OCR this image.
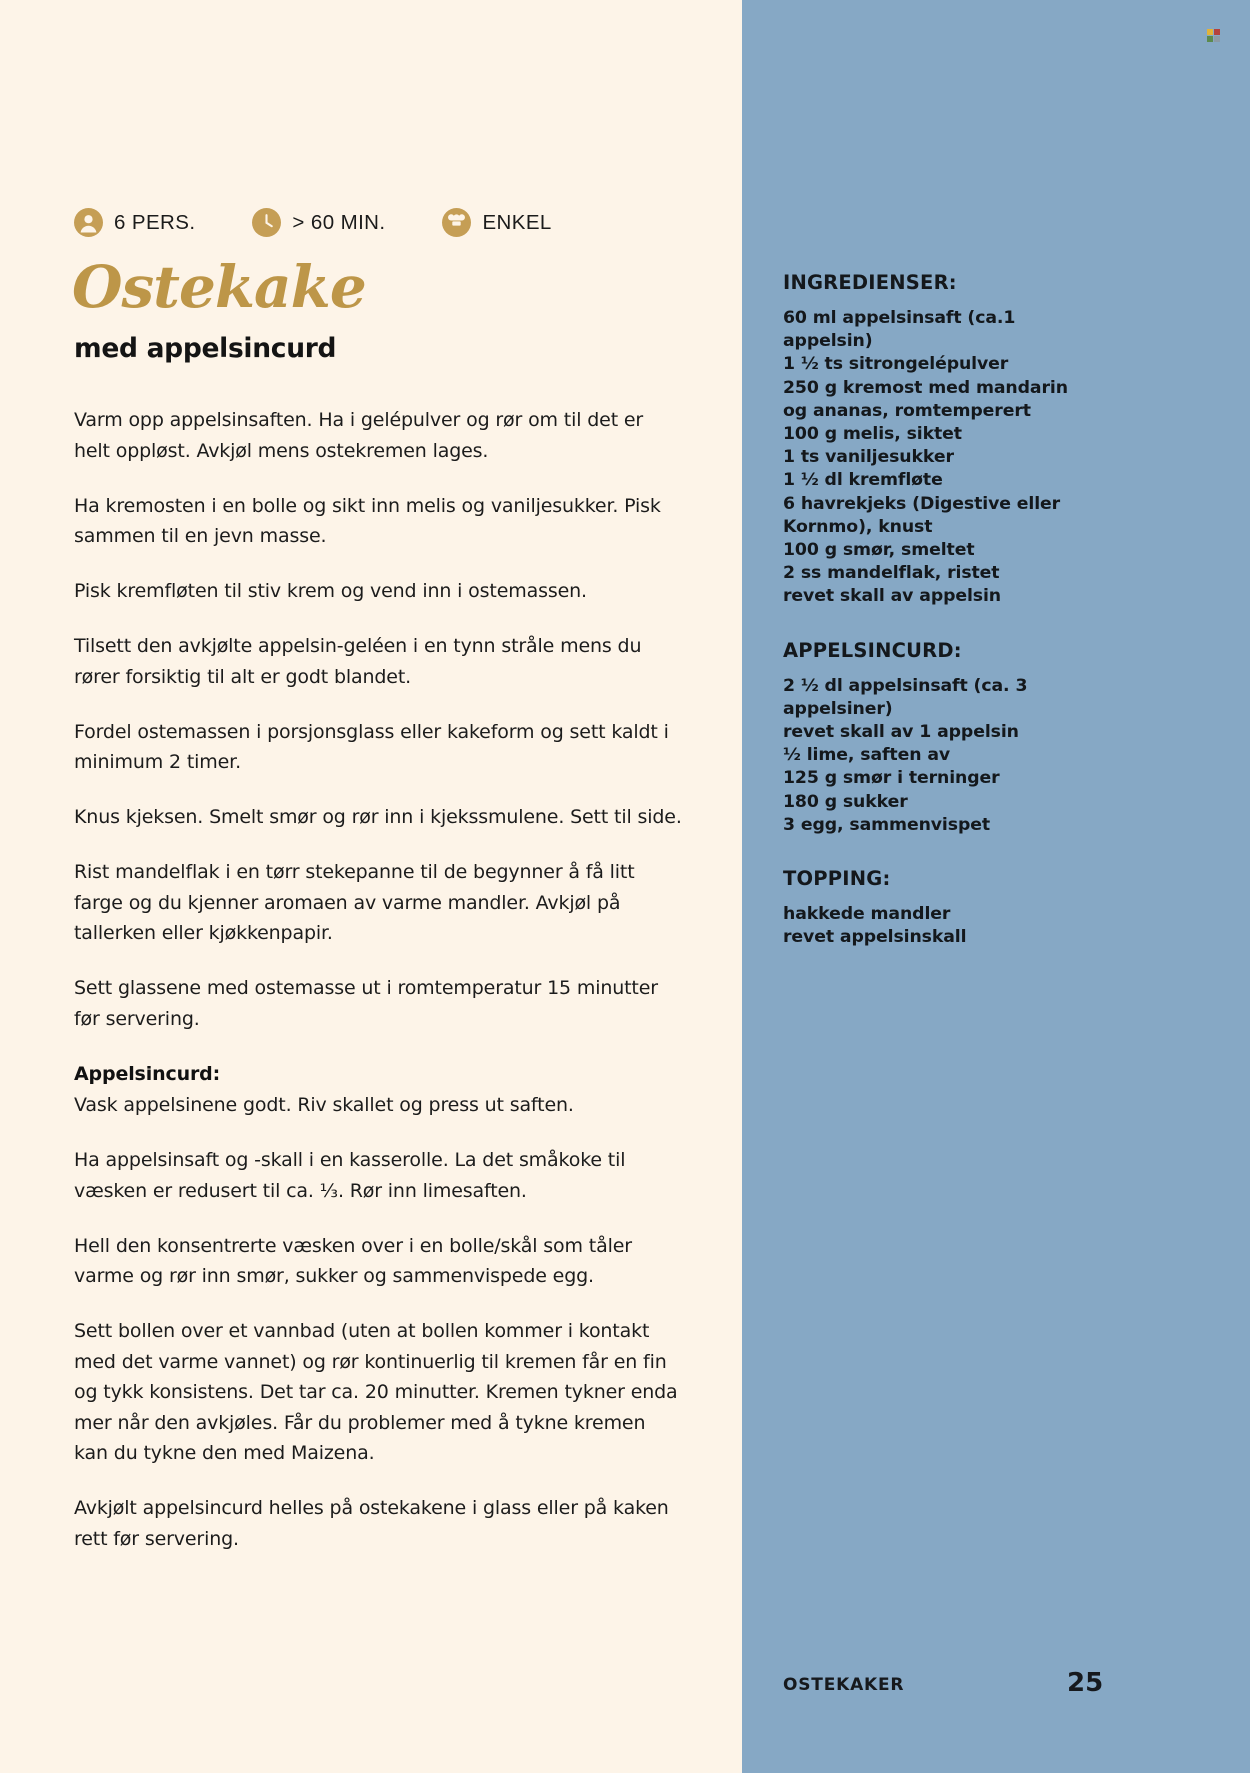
6 PERS.	> 60 MIN.	ENKEL
Ostekake
med appelsincurd

Varm opp appelsinsaften. Ha i gelépulver og rør om til det er helt oppløst. Avkjøl mens ostekremen lages.

Ha kremosten i en bolle og sikt inn melis og vaniljesukker. Pisk sammen til en jevn masse.

Pisk kremfløten til stiv krem og vend inn i ostemassen.

Tilsett den avkjølte appelsin-geléen i en tynn stråle mens du rører forsiktig til alt er godt blandet.

Fordel ostemassen i porsjonsglass eller kakeform og sett kaldt i minimum 2 timer.

Knus kjeksen. Smelt smør og rør inn i kjekssmulene. Sett til side.

Rist mandelflak i en tørr stekepanne til de begynner å få litt farge og du kjenner aromaen av varme mandler. Avkjøl på tallerken eller kjøkkenpapir.

Sett glassene med ostemasse ut i romtemperatur 15 minutter før servering.

Appelsincurd:

Vask appelsinene godt. Riv skallet og press ut saften.

Ha appelsinsaft og -skall i en kasserolle. La det småkoke til væsken er redusert til ca. ⅓. Rør inn limesaften.

Hell den konsentrerte væsken over i en bolle/skål som tåler varme og rør inn smør, sukker og sammenvispede egg.

Sett bollen over et vannbad (uten at bollen kommer i kontakt med det varme vannet) og rør kontinuerlig til kremen får en fin og tykk konsistens. Det tar ca. 20 minutter. Kremen tykner enda mer når den avkjøles. Får du problemer med å tykne kremen kan du tykne den med Maizena.

Avkjølt appelsincurd helles på ostekakene i glass eller på kaken rett før servering.

INGREDIENSER:
60 ml appelsinsaft (ca.1 appelsin)
1 ½ ts sitrongelépulver
250 g kremost med mandarin og ananas, romtemperert
100 g melis, siktet
1 ts vaniljesukker
1 ½ dl kremfløte
6 havrekjeks (Digestive eller Kornmo), knust
100 g smør, smeltet
2 ss mandelflak, ristet
revet skall av appelsin
APPELSINCURD:
2 ½ dl appelsinsaft (ca. 3 appelsiner)
revet skall av 1 appelsin
½ lime, saften av
125 g smør i terninger
180 g sukker
3 egg, sammenvispet
TOPPING:
hakkede mandler
revet appelsinskall
OSTEKAKER	25
